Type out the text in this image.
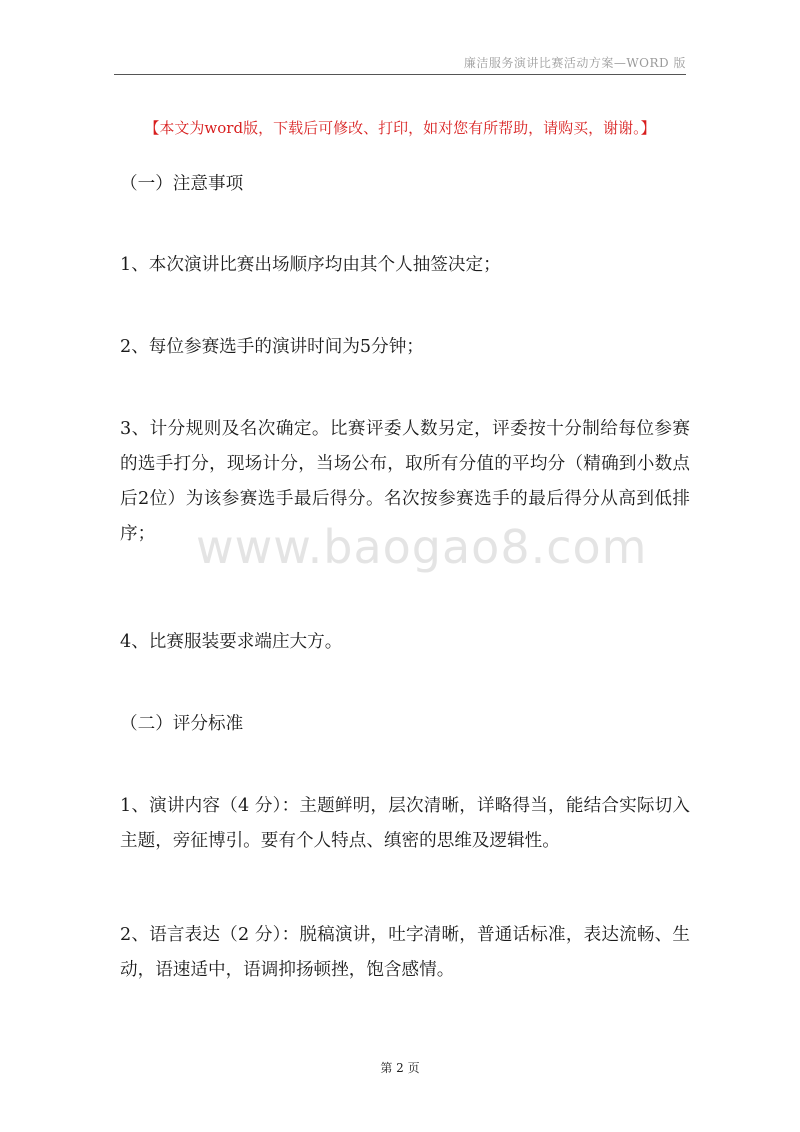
廉洁服务演讲比赛活动方案—WORD 版
【本文为word版，下载后可修改、打印，如对您有所帮助，请购买，谢谢。】
www.baogao8.com
（一）注意事项
1、本次演讲比赛出场顺序均由其个人抽签决定；
2、每位参赛选手的演讲时间为5分钟；
3、计分规则及名次确定。比赛评委人数另定，评委按十分制给每位参赛的选手打分，现场计分，当场公布，取所有分值的平均分（精确到小数点后2位）为该参赛选手最后得分。名次按参赛选手的最后得分从高到低排序；
4、比赛服装要求端庄大方。
（二）评分标准
1、演讲内容（4 分）：主题鲜明，层次清晰，详略得当，能结合实际切入主题，旁征博引。要有个人特点、缜密的思维及逻辑性。
2、语言表达（2 分）：脱稿演讲，吐字清晰，普通话标准，表达流畅、生动，语速适中，语调抑扬顿挫，饱含感情。
第 2 页
